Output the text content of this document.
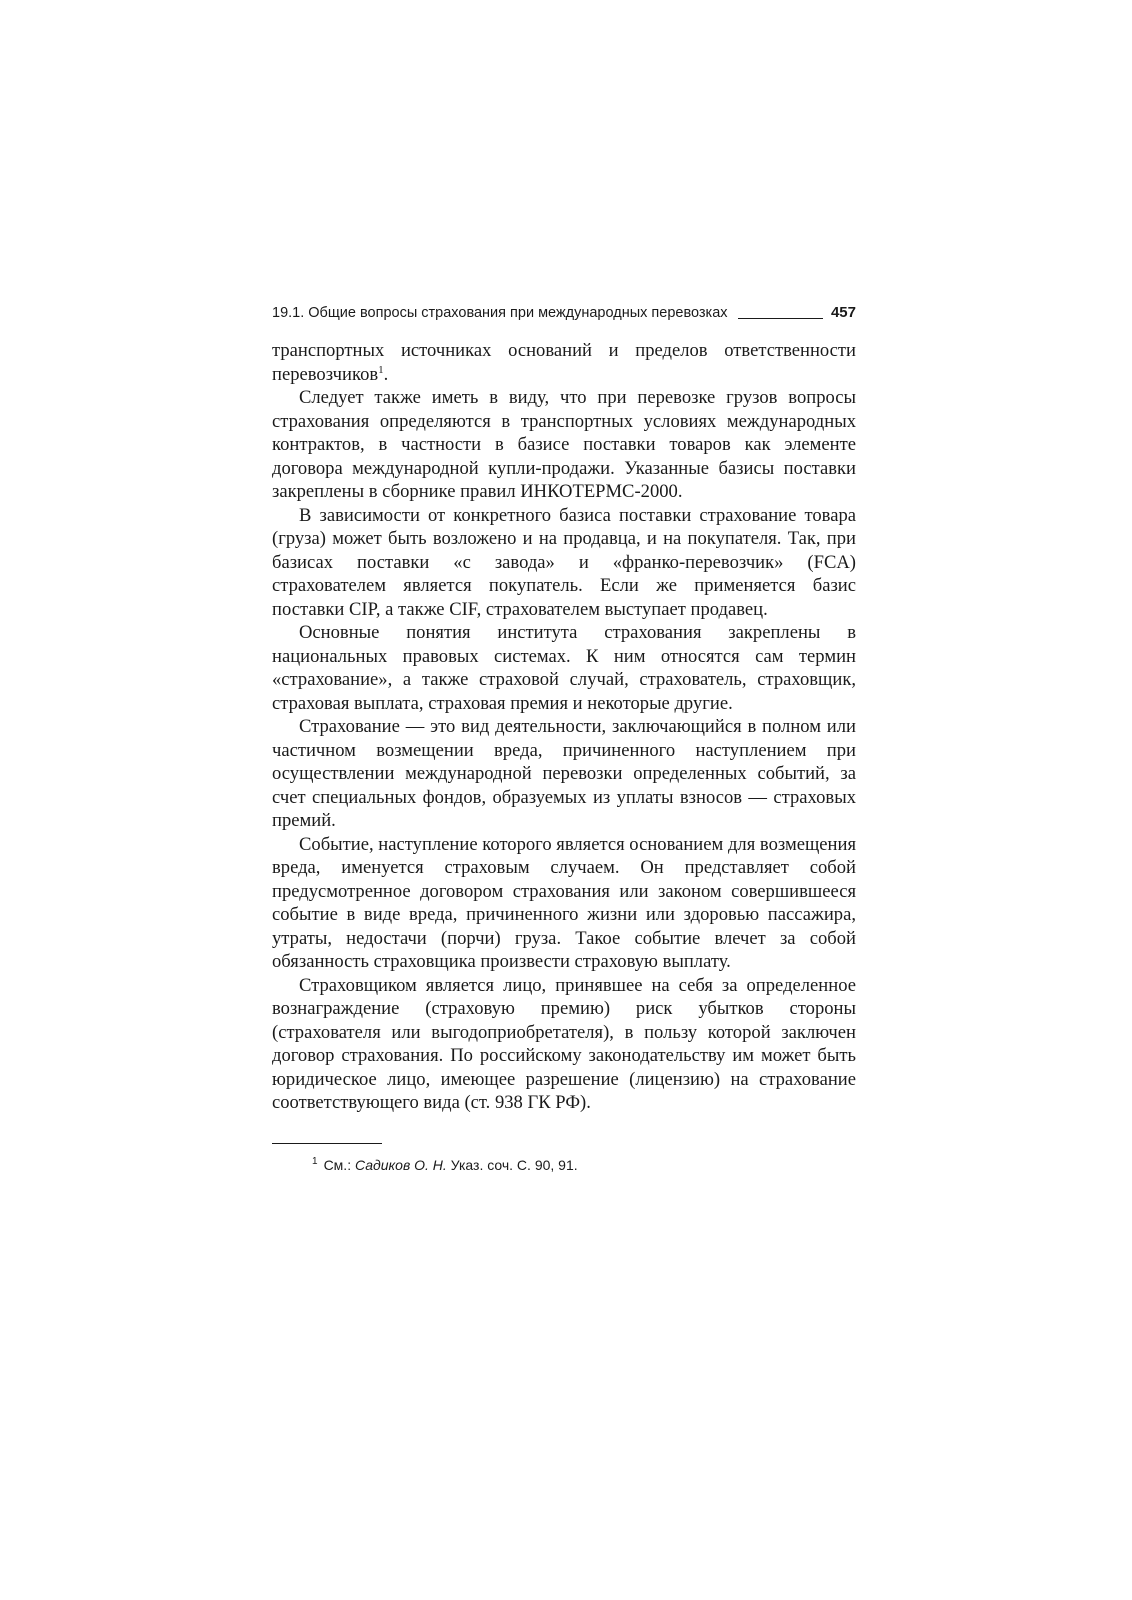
19.1. Общие вопросы страхования при международных перевозках	457

транспортных источниках оснований и пределов ответственности перевозчиков$^1$.

Следует также иметь в виду, что при перевозке грузов вопросы страхования определяются в транспортных условиях международных контрактов, в частности в базисе поставки товаров как элементе договора международной купли-продажи. Указанные базисы поставки закреплены в сборнике правил ИНКОТЕРМС-2000.

В зависимости от конкретного базиса поставки страхование товара (груза) может быть возложено и на продавца, и на покупателя. Так, при базисах поставки «с завода» и «франко-перевозчик» (FCA) страхователем является покупатель. Если же применяется базис поставки CIP, а также CIF, страхователем выступает продавец.

Основные понятия института страхования закреплены в национальных правовых системах. К ним относятся сам термин «страхование», а также страховой случай, страхователь, страховщик, страховая выплата, страховая премия и некоторые другие.

Страхование — это вид деятельности, заключающийся в полном или частичном возмещении вреда, причиненного наступлением при осуществлении международной перевозки определенных событий, за счет специальных фондов, образуемых из уплаты взносов — страховых премий.

Событие, наступление которого является основанием для возмещения вреда, именуется страховым случаем. Он представляет собой предусмотренное договором страхования или законом совершившееся событие в виде вреда, причиненного жизни или здоровью пассажира, утраты, недостачи (порчи) груза. Такое событие влечет за собой обязанность страховщика произвести страховую выплату.

Страховщиком является лицо, принявшее на себя за определенное вознаграждение (страховую премию) риск убытков стороны (страхователя или выгодоприобретателя), в пользу которой заключен договор страхования. По российскому законодательству им может быть юридическое лицо, имеющее разрешение (лицензию) на страхование соответствующего вида (ст. 938 ГК РФ).

$^1$ См.: Садиков О. Н. Указ. соч. С. 90, 91.
